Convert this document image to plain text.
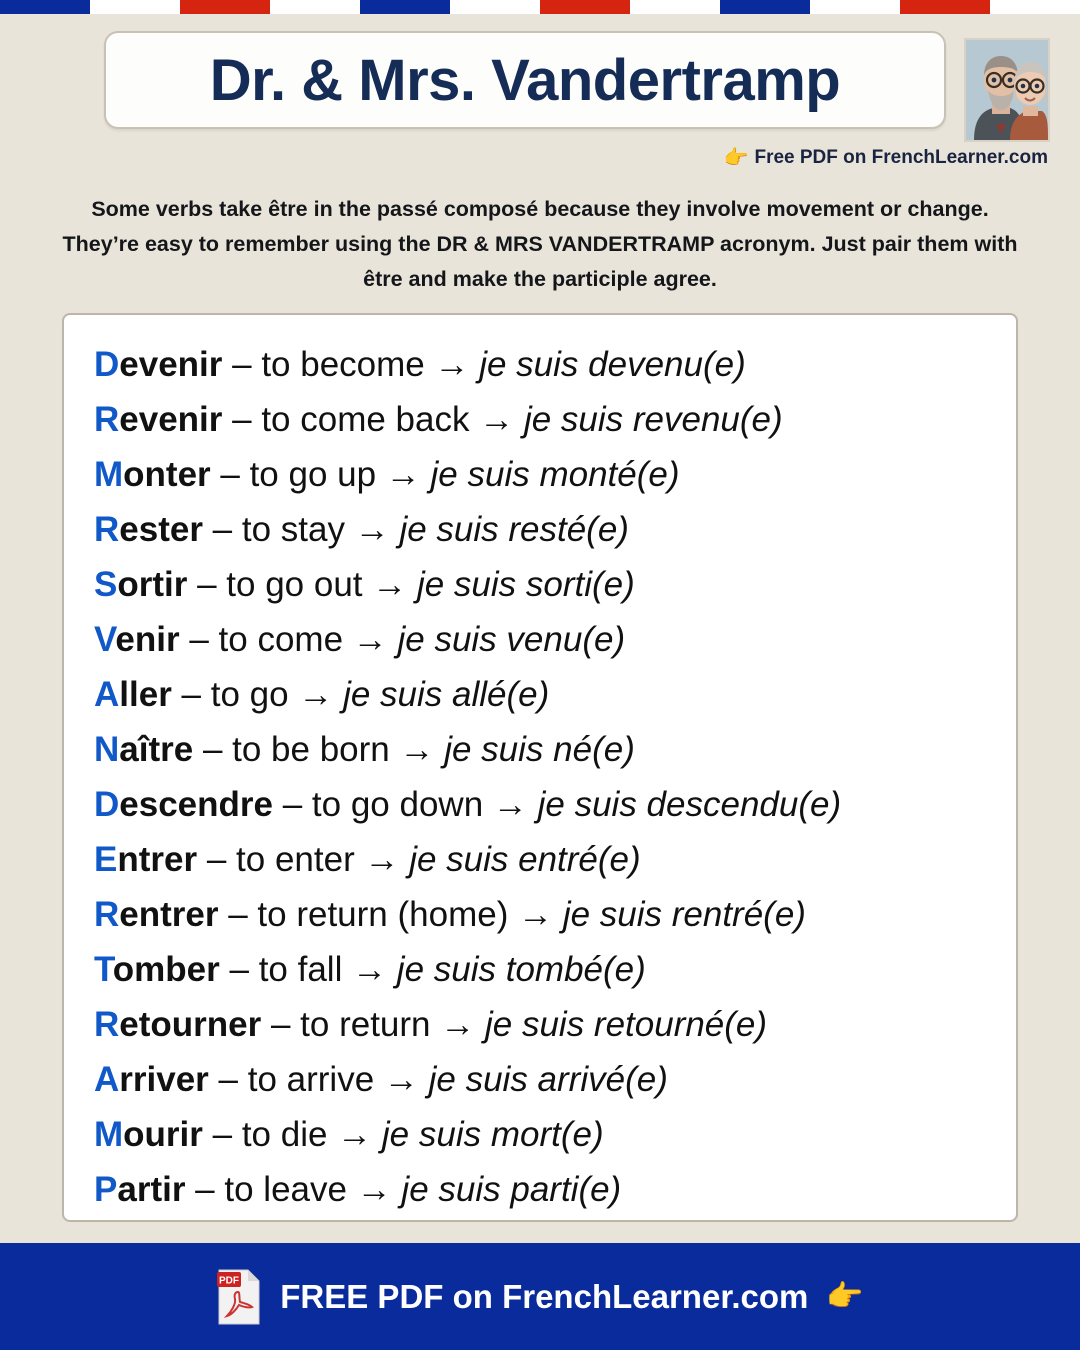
Dr. & Mrs. Vandertramp
👉 Free PDF on FrenchLearner.com
Some verbs take être in the passé composé because they involve movement or change. They’re easy to remember using the DR & MRS VANDERTRAMP acronym. Just pair them with être and make the participle agree.
Devenir – to become → je suis devenu(e)
Revenir – to come back → je suis revenu(e)
Monter – to go up → je suis monté(e)
Rester – to stay → je suis resté(e)
Sortir – to go out → je suis sorti(e)
Venir – to come → je suis venu(e)
Aller – to go → je suis allé(e)
Naître – to be born → je suis né(e)
Descendre – to go down → je suis descendu(e)
Entrer – to enter → je suis entré(e)
Rentrer – to return (home) → je suis rentré(e)
Tomber – to fall → je suis tombé(e)
Retourner – to return → je suis retourné(e)
Arriver – to arrive → je suis arrivé(e)
Mourir – to die → je suis mort(e)
Partir – to leave → je suis parti(e)
PDF FREE PDF on FrenchLearner.com 👉
